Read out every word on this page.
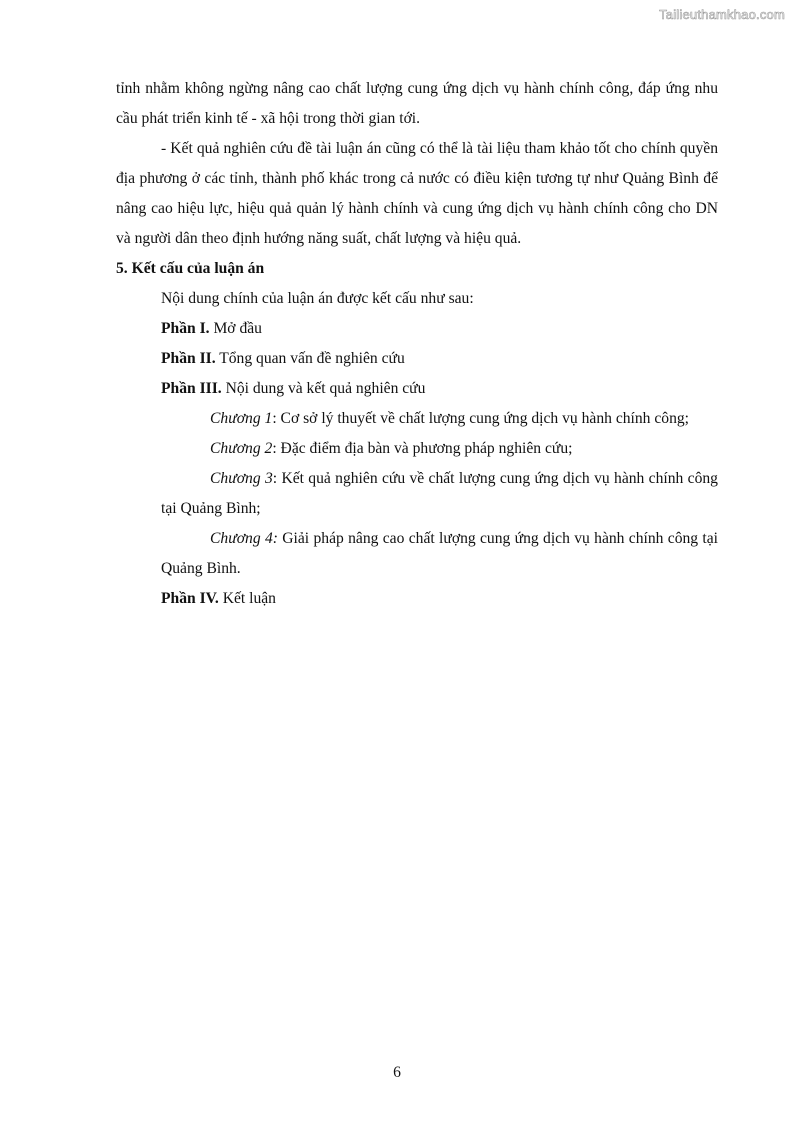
Tailieuthamkhao.com

tỉnh nhằm không ngừng nâng cao chất lượng cung ứng dịch vụ hành chính công, đáp ứng nhu cầu phát triển kinh tế - xã hội trong thời gian tới.

- Kết quả nghiên cứu đề tài luận án cũng có thể là tài liệu tham khảo tốt cho chính quyền địa phương ở các tỉnh, thành phố khác trong cả nước có điều kiện tương tự như Quảng Bình để nâng cao hiệu lực, hiệu quả quản lý hành chính và cung ứng dịch vụ hành chính công cho DN và người dân theo định hướng năng suất, chất lượng và hiệu quả.

5. Kết cấu của luận án

Nội dung chính của luận án được kết cấu như sau:

Phần I. Mở đầu

Phần II. Tổng quan vấn đề nghiên cứu

Phần III. Nội dung và kết quả nghiên cứu

Chương 1: Cơ sở lý thuyết về chất lượng cung ứng dịch vụ hành chính công;

Chương 2: Đặc điểm địa bàn và phương pháp nghiên cứu;

Chương 3: Kết quả nghiên cứu về chất lượng cung ứng dịch vụ hành chính công tại Quảng Bình;

Chương 4: Giải pháp nâng cao chất lượng cung ứng dịch vụ hành chính công tại Quảng Bình.

Phần IV. Kết luận

6
